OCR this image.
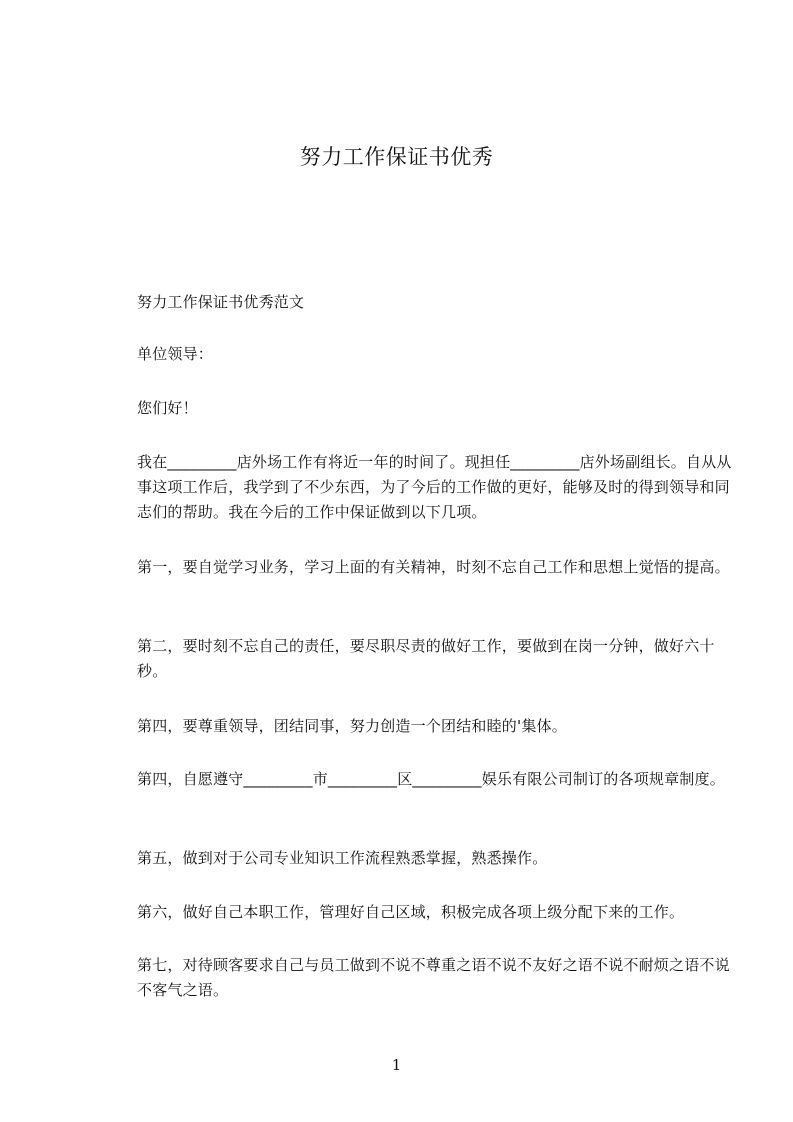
努力工作保证书优秀

努力工作保证书优秀范文

单位领导：

您们好！

我在_________店外场工作有将近一年的时间了。现担任_________店外场副组长。自从从事这项工作后，我学到了不少东西，为了今后的工作做的更好，能够及时的得到领导和同志们的帮助。我在今后的工作中保证做到以下几项。

第一，要自觉学习业务，学习上面的有关精神，时刻不忘自己工作和思想上觉悟的提高。

第二，要时刻不忘自己的责任，要尽职尽责的做好工作，要做到在岗一分钟，做好六十秒。

第四，要尊重领导，团结同事，努力创造一个团结和睦的'集体。

第四，自愿遵守_________市_________区_________娱乐有限公司制订的各项规章制度。

第五，做到对于公司专业知识工作流程熟悉掌握，熟悉操作。

第六，做好自己本职工作，管理好自己区域，积极完成各项上级分配下来的工作。

第七，对待顾客要求自己与员工做到不说不尊重之语不说不友好之语不说不耐烦之语不说不客气之语。

1
